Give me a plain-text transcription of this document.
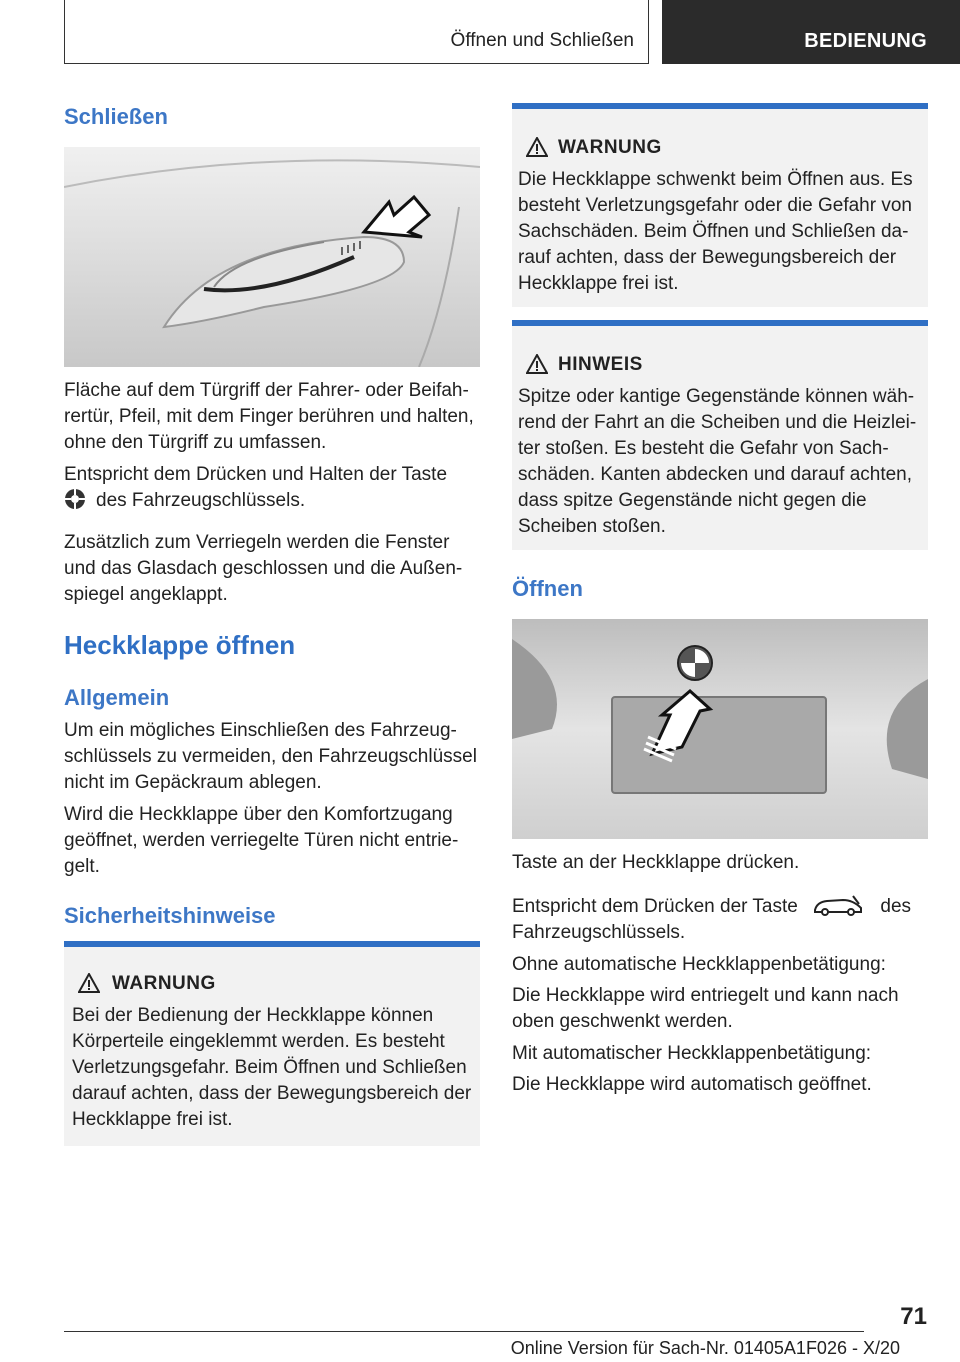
Öffnen und Schließen	BEDIENUNG
Schließen
Fläche auf dem Türgriff der Fahrer- oder Beifah‐ rertür, Pfeil, mit dem Finger berühren und halten, ohne den Türgriff zu umfassen.
Entspricht dem Drücken und Halten der Taste
des Fahrzeugschlüssels.
Zusätzlich zum Verriegeln werden die Fenster und das Glasdach geschlossen und die Außen‐ spiegel angeklappt.
Heckklappe öffnen
Allgemein
Um ein mögliches Einschließen des Fahrzeug‐ schlüssels zu vermeiden, den Fahrzeugschlüssel nicht im Gepäckraum ablegen.
Wird die Heckklappe über den Komfortzugang geöffnet, werden verriegelte Türen nicht entrie‐ gelt.
Sicherheitshinweise
WARNUNG
Bei der Bedienung der Heckklappe können Körperteile eingeklemmt werden. Es besteht Verletzungsgefahr. Beim Öffnen und Schließen darauf achten, dass der Bewegungsbereich der Heckklappe frei ist.
WARNUNG
Die Heckklappe schwenkt beim Öffnen aus. Es besteht Verletzungsgefahr oder die Gefahr von Sachschäden. Beim Öffnen und Schließen da‐ rauf achten, dass der Bewegungsbereich der Heckklappe frei ist.
HINWEIS
Spitze oder kantige Gegenstände können wäh‐ rend der Fahrt an die Scheiben und die Heizlei‐ ter stoßen. Es besteht die Gefahr von Sach‐ schäden. Kanten abdecken und darauf achten, dass spitze Gegenstände nicht gegen die Scheiben stoßen.
Öffnen
Taste an der Heckklappe drücken.
Entspricht dem Drücken der Taste	des
Fahrzeugschlüssels.
Ohne automatische Heckklappenbetätigung:
Die Heckklappe wird entriegelt und kann nach oben geschwenkt werden.
Mit automatischer Heckklappenbetätigung:
Die Heckklappe wird automatisch geöffnet.
71
Online Version für Sach-Nr. 01405A1F026 - X/20
